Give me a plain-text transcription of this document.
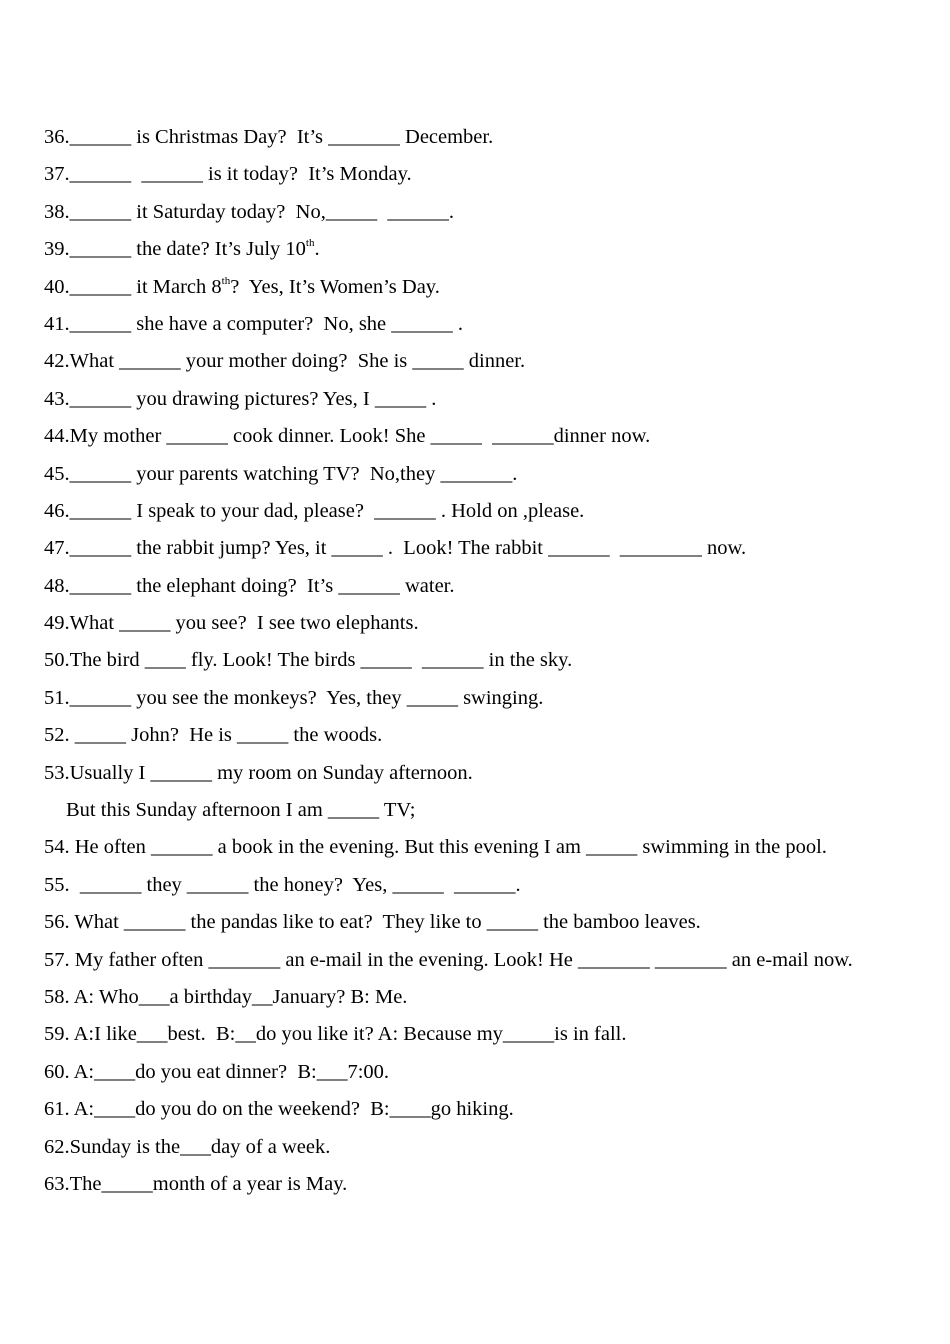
36.______ is Christmas Day?  It’s _______ December.
37.______  ______ is it today?  It’s Monday.
38.______ it Saturday today?  No,_____  ______.
39.______ the date? It’s July 10th.
40.______ it March 8th?  Yes, It’s Women’s Day.
41.______ she have a computer?  No, she ______ .
42.What ______ your mother doing?  She is _____ dinner.
43.______ you drawing pictures? Yes, I _____ .
44.My mother ______ cook dinner. Look! She _____  ______dinner now.
45.______ your parents watching TV?  No,they _______.
46.______ I speak to your dad, please?  ______ . Hold on ,please.
47.______ the rabbit jump? Yes, it _____ .  Look! The rabbit ______  ________ now.
48.______ the elephant doing?  It’s ______ water.
49.What _____ you see?  I see two elephants.
50.The bird ____ fly. Look! The birds _____  ______ in the sky.
51.______ you see the monkeys?  Yes, they _____ swinging.
52. _____ John?  He is _____ the woods.
53.Usually I ______ my room on Sunday afternoon.
But this Sunday afternoon I am _____ TV;
54. He often ______ a book in the evening. But this evening I am _____ swimming in the pool.
55.  ______ they ______ the honey?  Yes, _____  ______.
56. What ______ the pandas like to eat?  They like to _____ the bamboo leaves.
57. My father often _______ an e-mail in the evening. Look! He _______ _______ an e-mail now.
58. A: Who___a birthday__January? B: Me.
59. A:I like___best.  B:__do you like it? A: Because my_____is in fall.
60. A:____do you eat dinner?  B:___7:00.
61. A:____do you do on the weekend?  B:____go hiking.
62.Sunday is the___day of a week.
63.The_____month of a year is May.
